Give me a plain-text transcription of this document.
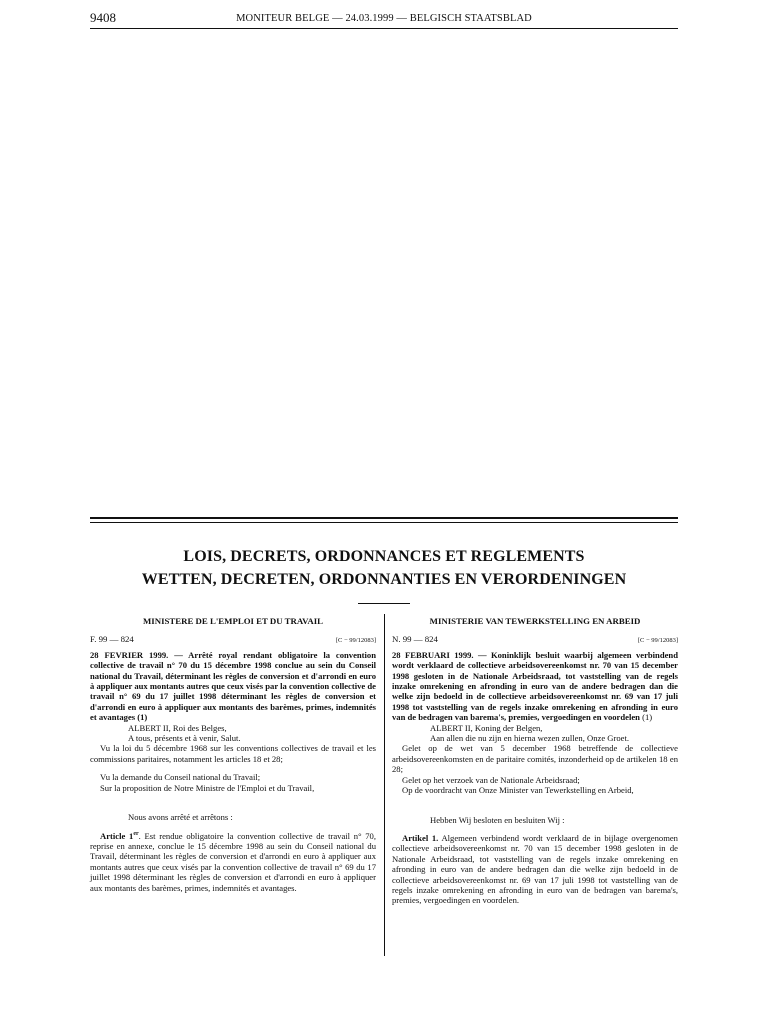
9408	MONITEUR BELGE — 24.03.1999 — BELGISCH STAATSBLAD
LOIS, DECRETS, ORDONNANCES ET REGLEMENTS
WETTEN, DECRETEN, ORDONNANTIES EN VERORDENINGEN

MINISTERE DE L'EMPLOI ET DU TRAVAIL

F. 99 — 824	[C − 99/12083]

28 FEVRIER 1999. — Arrêté royal rendant obligatoire la convention collective de travail n° 70 du 15 décembre 1998 conclue au sein du Conseil national du Travail, déterminant les règles de conversion et d'arrondi en euro à appliquer aux montants autres que ceux visés par la convention collective de travail n° 69 du 17 juillet 1998 déterminant les règles de conversion et d'arrondi en euro à appliquer aux montants des barèmes, primes, indemnités et avantages (1)

ALBERT II, Roi des Belges,

A tous, présents et à venir, Salut.

Vu la loi du 5 décembre 1968 sur les conventions collectives de travail et les commissions paritaires, notamment les articles 18 et 28;

Vu la demande du Conseil national du Travail;

Sur la proposition de Notre Ministre de l'Emploi et du Travail,

Nous avons arrêté et arrêtons :

Article 1er. Est rendue obligatoire la convention collective de travail n° 70, reprise en annexe, conclue le 15 décembre 1998 au sein du Conseil national du Travail, déterminant les règles de conversion et d'arrondi en euro à appliquer aux montants autres que ceux visés par la convention collective de travail n° 69 du 17 juillet 1998 déterminant les règles de conversion et d'arrondi en euro à appliquer aux montants des barèmes, primes, indemnités et avantages.

MINISTERIE VAN TEWERKSTELLING EN ARBEID

N. 99 — 824	[C − 99/12083]

28 FEBRUARI 1999. — Koninklijk besluit waarbij algemeen verbindend wordt verklaard de collectieve arbeidsovereenkomst nr. 70 van 15 december 1998 gesloten in de Nationale Arbeidsraad, tot vaststelling van de regels inzake omrekening en afronding in euro van de andere bedragen dan die welke zijn bedoeld in de collectieve arbeidsovereenkomst nr. 69 van 17 juli 1998 tot vaststelling van de regels inzake omrekening en afronding in euro van de bedragen van barema's, premies, vergoedingen en voordelen (1)

ALBERT II, Koning der Belgen,

Aan allen die nu zijn en hierna wezen zullen, Onze Groet.

Gelet op de wet van 5 december 1968 betreffende de collectieve arbeidsovereenkomsten en de paritaire comités, inzonderheid op de artikelen 18 en 28;

Gelet op het verzoek van de Nationale Arbeidsraad;

Op de voordracht van Onze Minister van Tewerkstelling en Arbeid,

Hebben Wij besloten en besluiten Wij :

Artikel 1. Algemeen verbindend wordt verklaard de in bijlage overgenomen collectieve arbeidsovereenkomst nr. 70 van 15 december 1998 gesloten in de Nationale Arbeidsraad, tot vaststelling van de regels inzake omrekening en afronding in euro van de andere bedragen dan die welke zijn bedoeld in de collectieve arbeidsovereenkomst nr. 69 van 17 juli 1998 tot vaststelling van de regels inzake omrekening en afronding in euro van de bedragen van barema's, premies, vergoedingen en voordelen.
